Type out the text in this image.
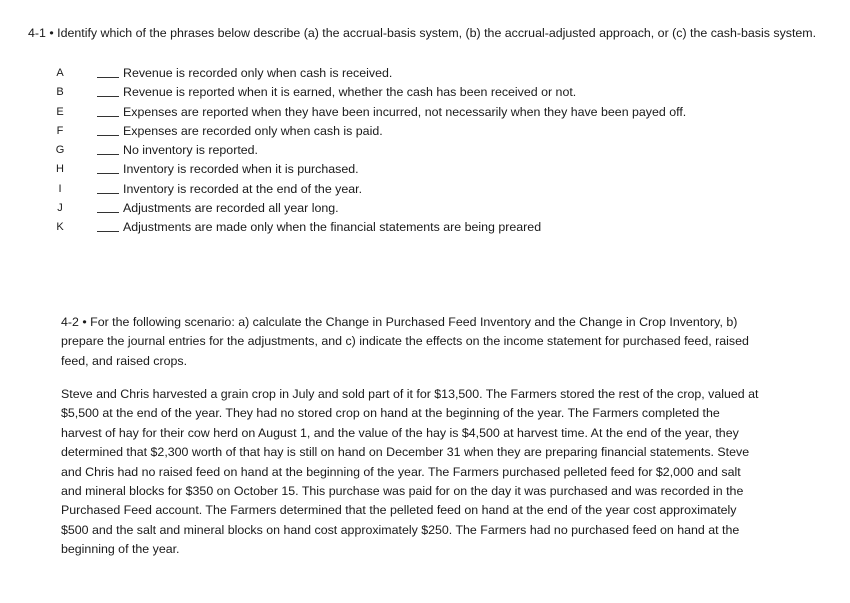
4-1 • Identify which of the phrases below describe (a) the accrual-basis system, (b) the accrual-adjusted approach, or (c) the cash-basis system.
A	Revenue is recorded only when cash is received.
B	Revenue is reported when it is earned, whether the cash has been received or not.
E	Expenses are reported when they have been incurred, not necessarily when they have been payed off.
F	Expenses are recorded only when cash is paid.
G	No inventory is reported.
H	Inventory is recorded when it is purchased.
I	Inventory is recorded at the end of the year.
J	Adjustments are recorded all year long.
K	Adjustments are made only when the financial statements are being preared
4-2 • For the following scenario: a) calculate the Change in Purchased Feed Inventory and the Change in Crop Inventory, b) prepare the journal entries for the adjustments, and c) indicate the effects on the income statement for purchased feed, raised feed, and raised crops.
Steve and Chris harvested a grain crop in July and sold part of it for $13,500. The Farmers stored the rest of the crop, valued at $5,500 at the end of the year. They had no stored crop on hand at the beginning of the year. The Farmers completed the harvest of hay for their cow herd on August 1, and the value of the hay is $4,500 at harvest time. At the end of the year, they determined that $2,300 worth of that hay is still on hand on December 31 when they are preparing financial statements. Steve and Chris had no raised feed on hand at the beginning of the year. The Farmers purchased pelleted feed for $2,000 and salt and mineral blocks for $350 on October 15. This purchase was paid for on the day it was purchased and was recorded in the Purchased Feed account. The Farmers determined that the pelleted feed on hand at the end of the year cost approximately $500 and the salt and mineral blocks on hand cost approximately $250. The Farmers had no purchased feed on hand at the beginning of the year.
